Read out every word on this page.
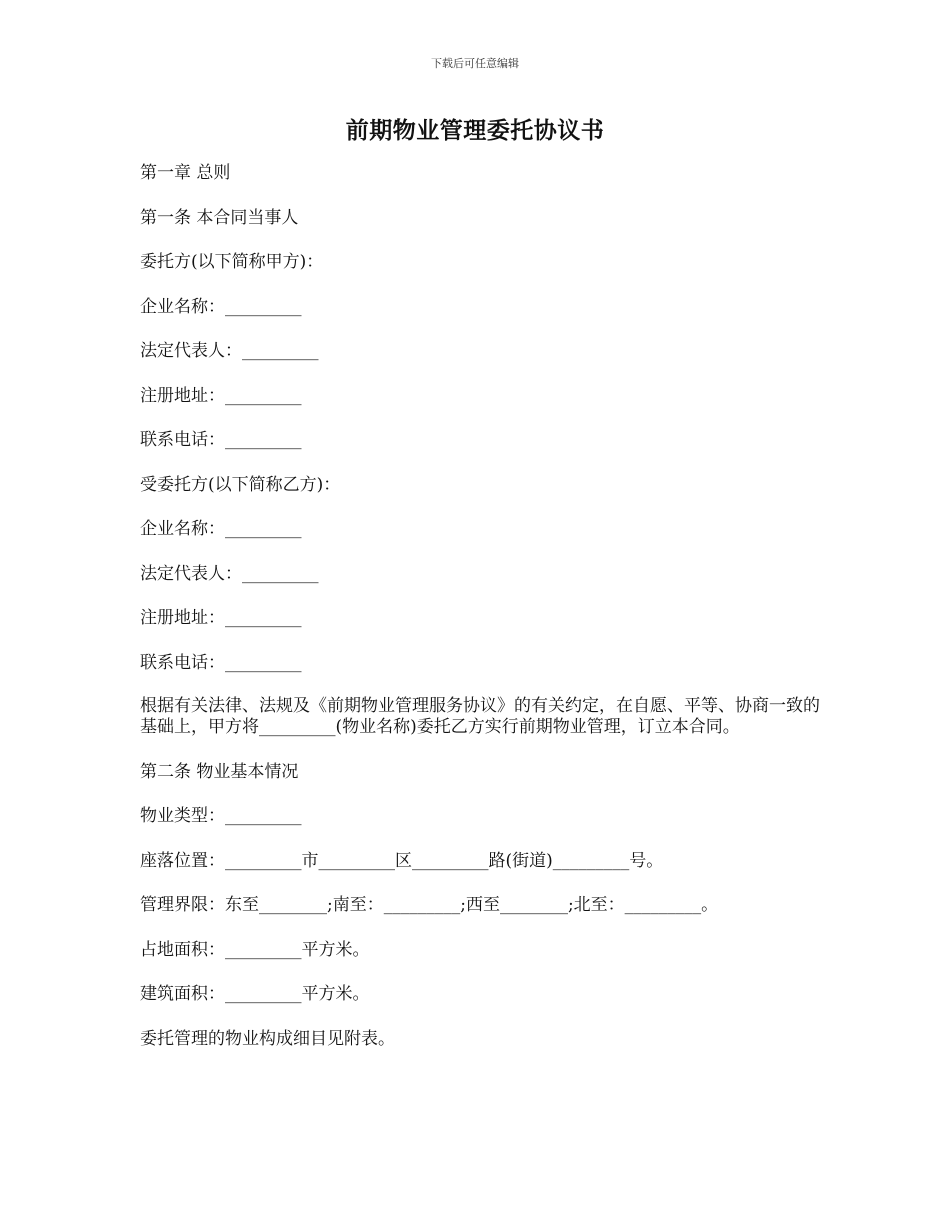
下载后可任意编辑
前期物业管理委托协议书
第一章 总则
第一条 本合同当事人
委托方(以下简称甲方)：
企业名称：_________
法定代表人：_________
注册地址：_________
联系电话：_________
受委托方(以下简称乙方)：
企业名称：_________
法定代表人：_________
注册地址：_________
联系电话：_________
根据有关法律、法规及《前期物业管理服务协议》的有关约定，在自愿、平等、协商一致的基础上，甲方将_________(物业名称)委托乙方实行前期物业管理，订立本合同。
第二条 物业基本情况
物业类型：_________
座落位置：_________市_________区_________路(街道)_________号。
管理界限：东至________;南至：_________;西至________;北至：_________。
占地面积：_________平方米。
建筑面积：_________平方米。
委托管理的物业构成细目见附表。
